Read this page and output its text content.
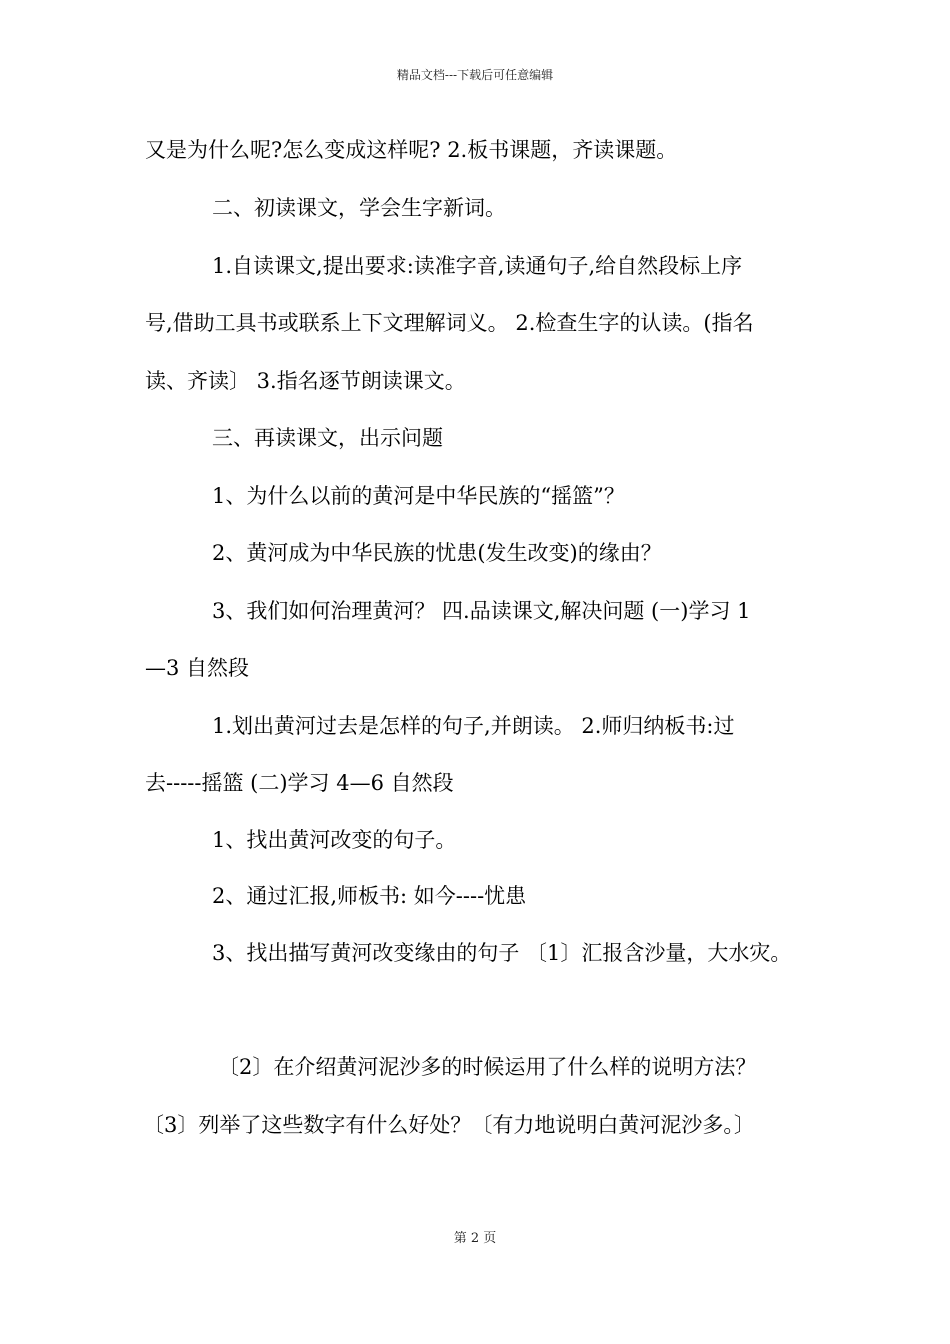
精品文档---下载后可任意编辑
又是为什么呢?怎么变成这样呢? 2.板书课题，齐读课题。
二、初读课文，学会生字新词。
1.自读课文,提出要求:读准字音,读通句子,给自然段标上序
号,借助工具书或联系上下文理解词义。 2.检查生字的认读。(指名
读、齐读〕 3.指名逐节朗读课文。
三、再读课文，出示问题
1、为什么以前的黄河是中华民族的“摇篮”？
2、黄河成为中华民族的忧患(发生改变)的缘由？
3、我们如何治理黄河？ 四.品读课文,解决问题 (一)学习 1
—3 自然段
1.划出黄河过去是怎样的句子,并朗读。 2.师归纳板书:过
去-----摇篮 (二)学习 4—6 自然段
1、找出黄河改变的句子。
2、通过汇报,师板书: 如今----忧患
3、找出描写黄河改变缘由的句子 〔1〕汇报含沙量，大水灾。
〔2〕在介绍黄河泥沙多的时候运用了什么样的说明方法？
〔3〕列举了这些数字有什么好处？〔有力地说明白黄河泥沙多。〕
第 2 页
